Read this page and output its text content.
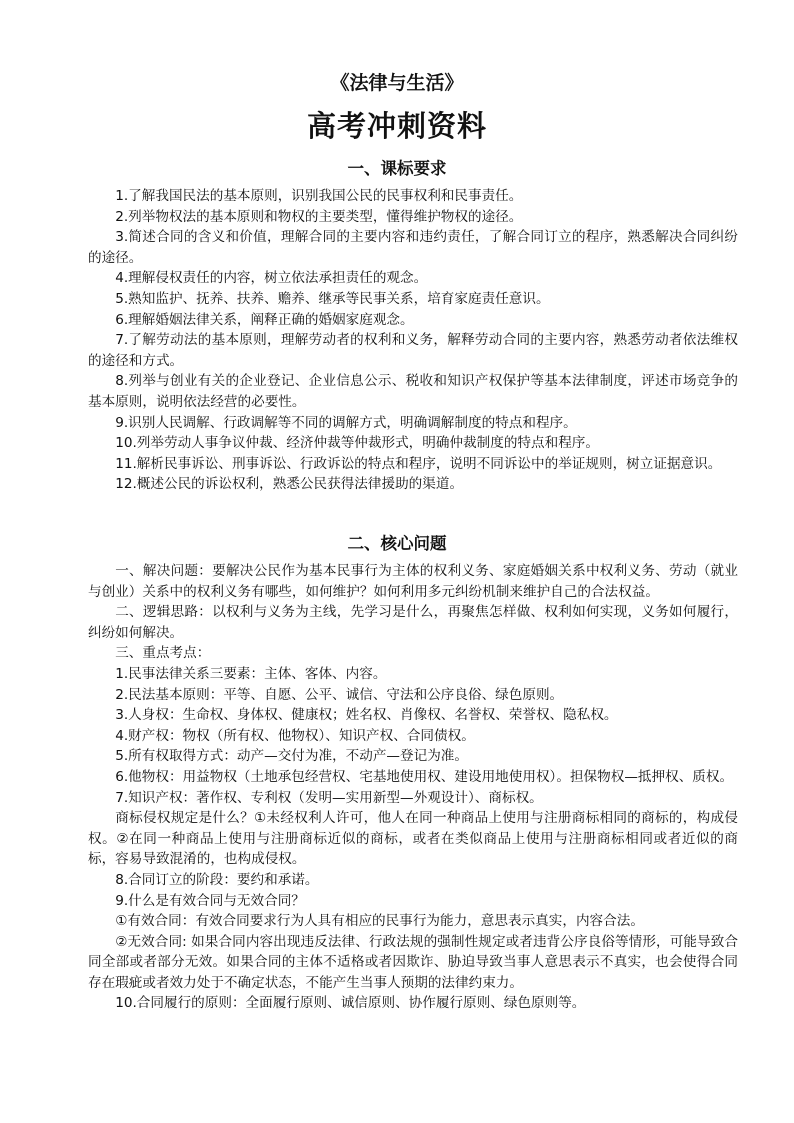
《法律与生活》
高考冲刺资料
一、课标要求

1.了解我国民法的基本原则，识别我国公民的民事权利和民事责任。

2.列举物权法的基本原则和物权的主要类型，懂得维护物权的途径。

3.简述合同的含义和价值，理解合同的主要内容和违约责任，了解合同订立的程序，熟悉解决合同纠纷的途径。

4.理解侵权责任的内容，树立依法承担责任的观念。

5.熟知监护、抚养、扶养、赡养、继承等民事关系，培育家庭责任意识。

6.理解婚姻法律关系，阐释正确的婚姻家庭观念。

7.了解劳动法的基本原则，理解劳动者的权利和义务，解释劳动合同的主要内容，熟悉劳动者依法维权的途径和方式。

8.列举与创业有关的企业登记、企业信息公示、税收和知识产权保护等基本法律制度，评述市场竞争的基本原则，说明依法经营的必要性。

9.识别人民调解、行政调解等不同的调解方式，明确调解制度的特点和程序。

10.列举劳动人事争议仲裁、经济仲裁等仲裁形式，明确仲裁制度的特点和程序。

11.解析民事诉讼、刑事诉讼、行政诉讼的特点和程序，说明不同诉讼中的举证规则，树立证据意识。

12.概述公民的诉讼权利，熟悉公民获得法律援助的渠道。

二、核心问题

一、解决问题：要解决公民作为基本民事行为主体的权利义务、家庭婚姻关系中权利义务、劳动（就业与创业）关系中的权利义务有哪些，如何维护？如何利用多元纠纷机制来维护自己的合法权益。

二、逻辑思路：以权利与义务为主线，先学习是什么，再聚焦怎样做、权利如何实现，义务如何履行，纠纷如何解决。

三、重点考点：

1.民事法律关系三要素：主体、客体、内容。

2.民法基本原则：平等、自愿、公平、诚信、守法和公序良俗、绿色原则。

3.人身权：生命权、身体权、健康权；姓名权、肖像权、名誉权、荣誉权、隐私权。

4.财产权：物权（所有权、他物权）、知识产权、合同债权。

5.所有权取得方式：动产—交付为准，不动产—登记为准。

6.他物权：用益物权（土地承包经营权、宅基地使用权、建设用地使用权）。担保物权—抵押权、质权。

7.知识产权：著作权、专利权（发明—实用新型—外观设计）、商标权。

商标侵权规定是什么？①未经权利人许可，他人在同一种商品上使用与注册商标相同的商标的，构成侵权。②在同一种商品上使用与注册商标近似的商标，或者在类似商品上使用与注册商标相同或者近似的商标，容易导致混淆的，也构成侵权。

8.合同订立的阶段：要约和承诺。

9.什么是有效合同与无效合同？

①有效合同：有效合同要求行为人具有相应的民事行为能力，意思表示真实，内容合法。

②无效合同: 如果合同内容出现违反法律、行政法规的强制性规定或者违背公序良俗等情形，可能导致合同全部或者部分无效。如果合同的主体不适格或者因欺诈、胁迫导致当事人意思表示不真实，也会使得合同存在瑕疵或者效力处于不确定状态，不能产生当事人预期的法律约束力。

10.合同履行的原则：全面履行原则、诚信原则、协作履行原则、绿色原则等。
